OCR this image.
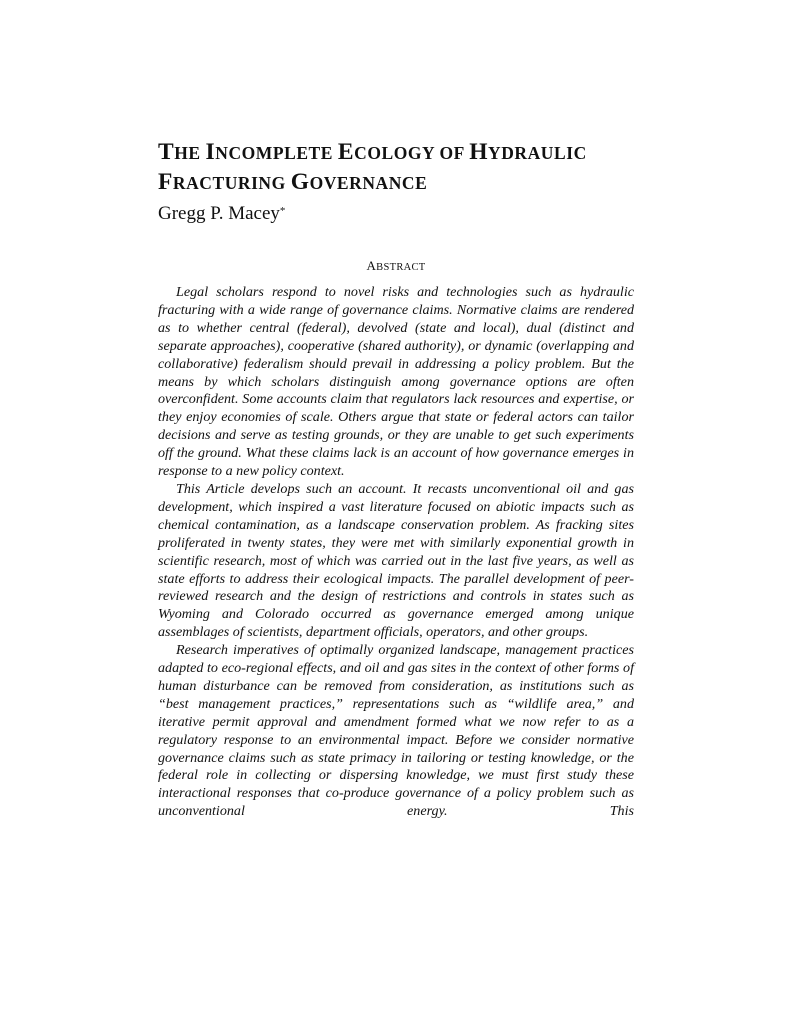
THE INCOMPLETE ECOLOGY OF HYDRAULIC
FRACTURING GOVERNANCE

Gregg P. Macey*

ABSTRACT

Legal scholars respond to novel risks and technologies such as hydraulic fracturing with a wide range of governance claims. Normative claims are rendered as to whether central (federal), devolved (state and local), dual (distinct and separate approaches), cooperative (shared authority), or dynamic (overlapping and collaborative) federalism should prevail in addressing a policy problem. But the means by which scholars distinguish among governance options are often overconfident. Some accounts claim that regulators lack resources and expertise, or they enjoy economies of scale. Others argue that state or federal actors can tailor decisions and serve as testing grounds, or they are unable to get such experiments off the ground. What these claims lack is an account of how governance emerges in response to a new policy context.

This Article develops such an account. It recasts unconventional oil and gas development, which inspired a vast literature focused on abiotic impacts such as chemical contamination, as a landscape conservation problem. As fracking sites proliferated in twenty states, they were met with similarly exponential growth in scientific research, most of which was carried out in the last five years, as well as state efforts to address their ecological impacts. The parallel development of peer-reviewed research and the design of restrictions and controls in states such as Wyoming and Colorado occurred as governance emerged among unique assemblages of scientists, department officials, operators, and other groups.

Research imperatives of optimally organized landscape, management practices adapted to eco-regional effects, and oil and gas sites in the context of other forms of human disturbance can be removed from consideration, as institutions such as “best management practices,” representations such as “wildlife area,” and iterative permit approval and amendment formed what we now refer to as a regulatory response to an environmental impact. Before we consider normative governance claims such as state primacy in tailoring or testing knowledge, or the federal role in collecting or dispersing knowledge, we must first study these interactional responses that co-produce governance of a policy problem such as unconventional energy. This
